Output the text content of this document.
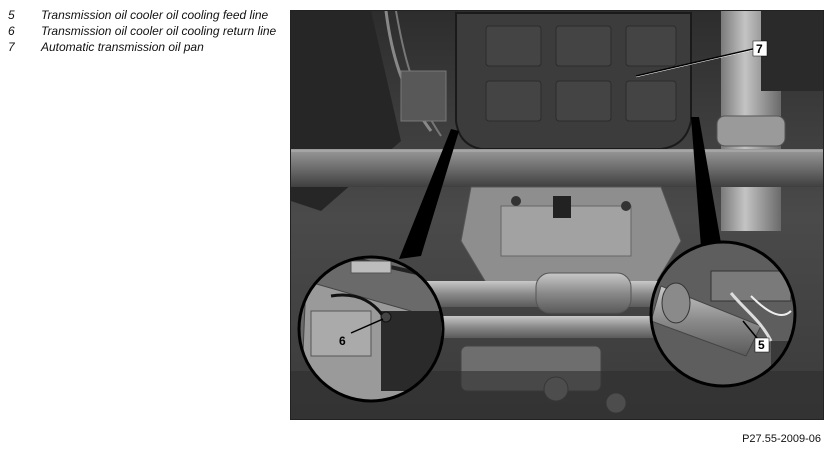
5	Transmission oil cooler oil cooling feed line
6	Transmission oil cooler oil cooling return line
7	Automatic transmission oil pan
6	5
7
P27.55-2009-06
